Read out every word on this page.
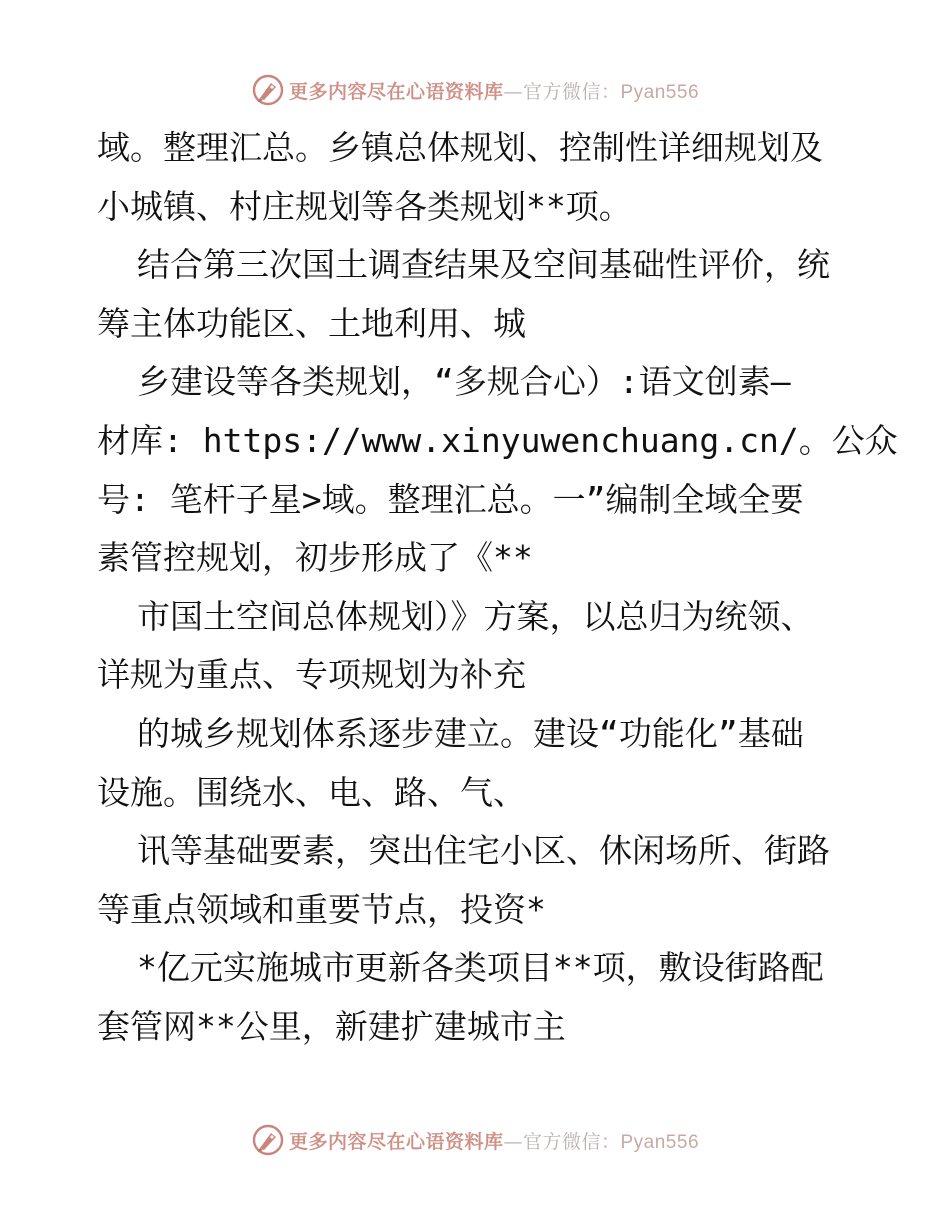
更多内容尽在心语资料库—官方微信：Pyan556
域。整理汇总。乡镇总体规划、控制性详细规划及
小城镇、村庄规划等各类规划**项。
结合第三次国土调查结果及空间基础性评价，统
筹主体功能区、土地利用、城
乡建设等各类规划，“多规合心）:语文创素—
材库: https://www.xinyuwenchuang.cn/。公众
号: 笔杆子星>域。整理汇总。一”编制全域全要
素管控规划，初步形成了《**
市国土空间总体规划）》方案，以总归为统领、
详规为重点、专项规划为补充
的城乡规划体系逐步建立。建设“功能化”基础
设施。围绕水、电、路、气、
讯等基础要素，突出住宅小区、休闲场所、街路
等重点领域和重要节点，投资*
*亿元实施城市更新各类项目**项，敷设街路配
套管网**公里，新建扩建城市主
更多内容尽在心语资料库—官方微信：Pyan556
